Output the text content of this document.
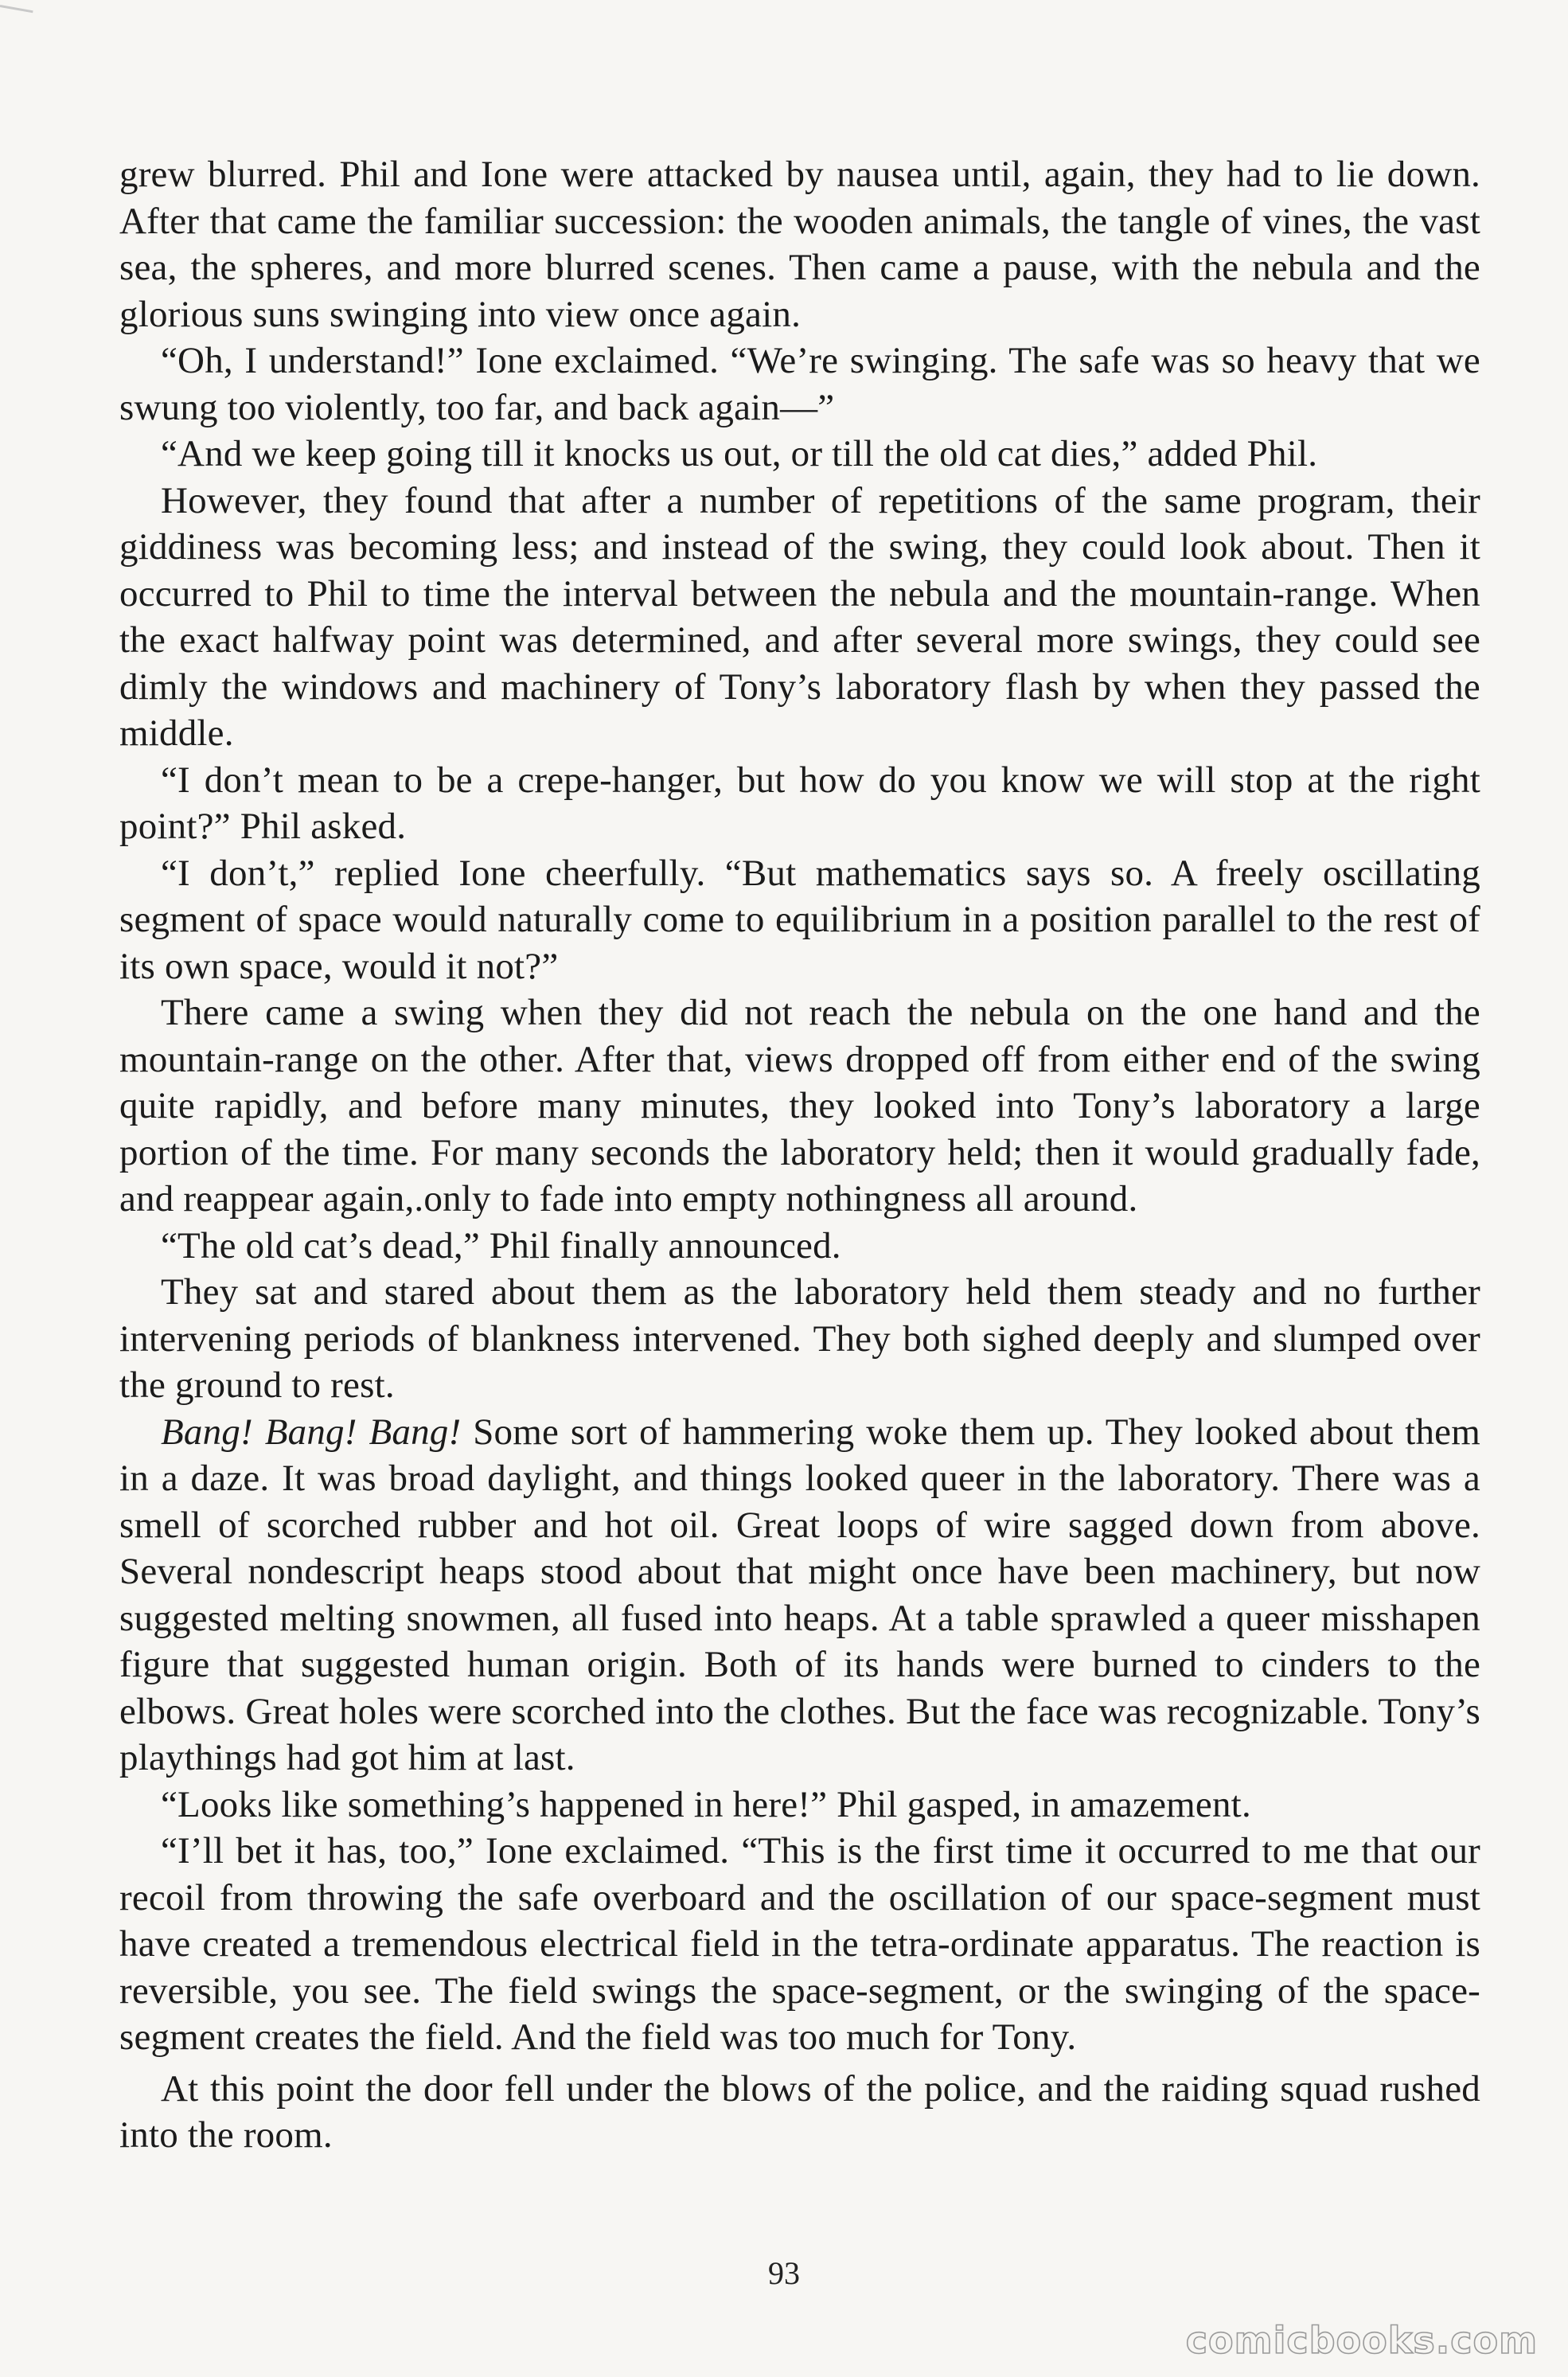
grew blurred. Phil and Ione were attacked by nausea until, again, they had to lie down. After that came the familiar succession: the wooden animals, the tangle of vines, the vast sea, the spheres, and more blurred scenes. Then came a pause, with the nebula and the glorious suns swinging into view once again.

“Oh, I understand!” Ione exclaimed. “We’re swinging. The safe was so heavy that we swung too violently, too far, and back again—”

“And we keep going till it knocks us out, or till the old cat dies,” added Phil.

However, they found that after a number of repetitions of the same program, their giddiness was becoming less; and instead of the swing, they could look about. Then it occurred to Phil to time the interval between the nebula and the mountain-range. When the exact halfway point was determined, and after several more swings, they could see dimly the windows and machinery of Tony’s laboratory flash by when they passed the middle.

“I don’t mean to be a crepe-hanger, but how do you know we will stop at the right point?” Phil asked.

“I don’t,” replied Ione cheerfully. “But mathematics says so. A freely oscillating segment of space would naturally come to equilibrium in a position parallel to the rest of its own space, would it not?”

There came a swing when they did not reach the nebula on the one hand and the mountain-range on the other. After that, views dropped off from either end of the swing quite rapidly, and before many minutes, they looked into Tony’s laboratory a large portion of the time. For many seconds the laboratory held; then it would gradually fade, and reappear again,.only to fade into empty nothingness all around.

“The old cat’s dead,” Phil finally announced.

They sat and stared about them as the laboratory held them steady and no further intervening periods of blankness intervened. They both sighed deeply and slumped over the ground to rest.

Bang! Bang! Bang! Some sort of hammering woke them up. They looked about them in a daze. It was broad daylight, and things looked queer in the laboratory. There was a smell of scorched rubber and hot oil. Great loops of wire sagged down from above. Several nondescript heaps stood about that might once have been machinery, but now suggested melting snowmen, all fused into heaps. At a table sprawled a queer misshapen figure that suggested human origin. Both of its hands were burned to cinders to the elbows. Great holes were scorched into the clothes. But the face was recognizable. Tony’s playthings had got him at last.

“Looks like something’s happened in here!” Phil gasped, in amazement.

“I’ll bet it has, too,” Ione exclaimed. “This is the first time it occurred to me that our recoil from throwing the safe overboard and the oscillation of our space-segment must have created a tremendous electrical field in the tetra-ordinate apparatus. The reaction is reversible, you see. The field swings the space-segment, or the swinging of the space-segment creates the field. And the field was too much for Tony.

At this point the door fell under the blows of the police, and the raiding squad rushed into the room.

93
comicbooks.com
